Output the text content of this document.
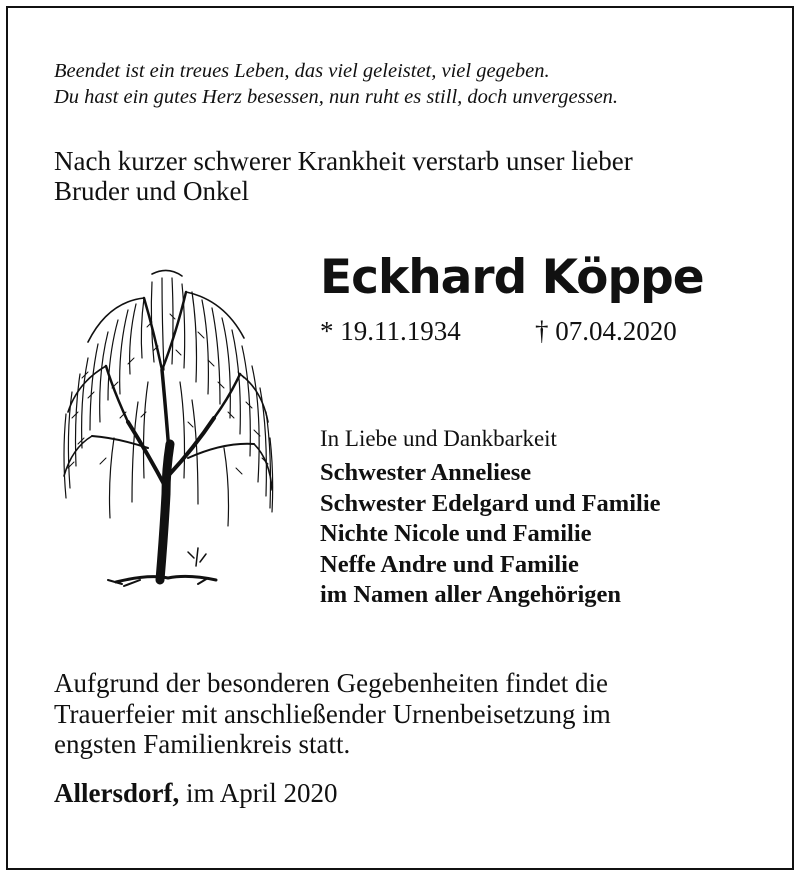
Beendet ist ein treues Leben, das viel geleistet, viel gegeben.
Du hast ein gutes Herz besessen, nun ruht es still, doch unvergessen.
Nach kurzer schwerer Krankheit verstarb unser lieber
Bruder und Onkel
Eckhard Köppe
* 19.11.1934	† 07.04.2020
In Liebe und Dankbarkeit
Schwester Anneliese
Schwester Edelgard und Familie
Nichte Nicole und Familie
Neffe Andre und Familie
im Namen aller Angehörigen
Aufgrund der besonderen Gegebenheiten findet die
Trauerfeier mit anschließender Urnenbeisetzung im
engsten Familienkreis statt.
Allersdorf, im April 2020
